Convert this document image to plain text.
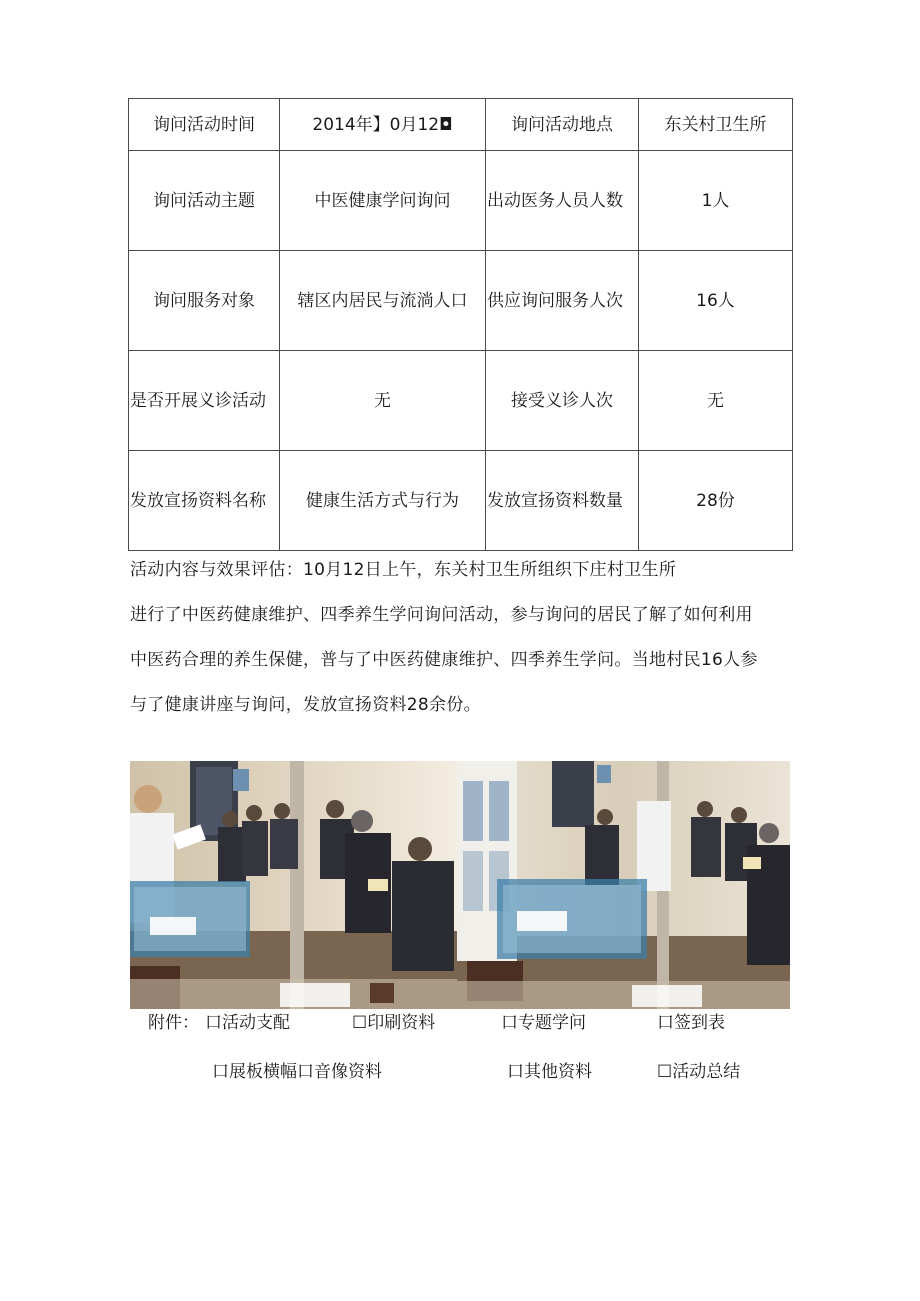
询问活动时间	2014年】0月12◘	询问活动地点	东关村卫生所
询问活动主题	中医健康学问询问	出动医务人员人数	1人
询问服务对象	辖区内居民与流淌人口	供应询问服务人次	16人
是否开展义诊活动	无	接受义诊人次	无
发放宣扬资料名称	健康生活方式与行为	发放宣扬资料数量	28份

活动内容与效果评估：10月12日上午，东关村卫生所组织下庄村卫生所

进行了中医药健康维护、四季养生学问询问活动，参与询问的居民了解了如何利用

中医药合理的养生保健，普与了中医药健康维护、四季养生学问。当地村民16人参

与了健康讲座与询问，发放宣扬资料28余份。

附件： 口活动支配	☐印刷资料	口专题学问	口签到表
口展板横幅口音像资料	口其他资料	☐活动总结
